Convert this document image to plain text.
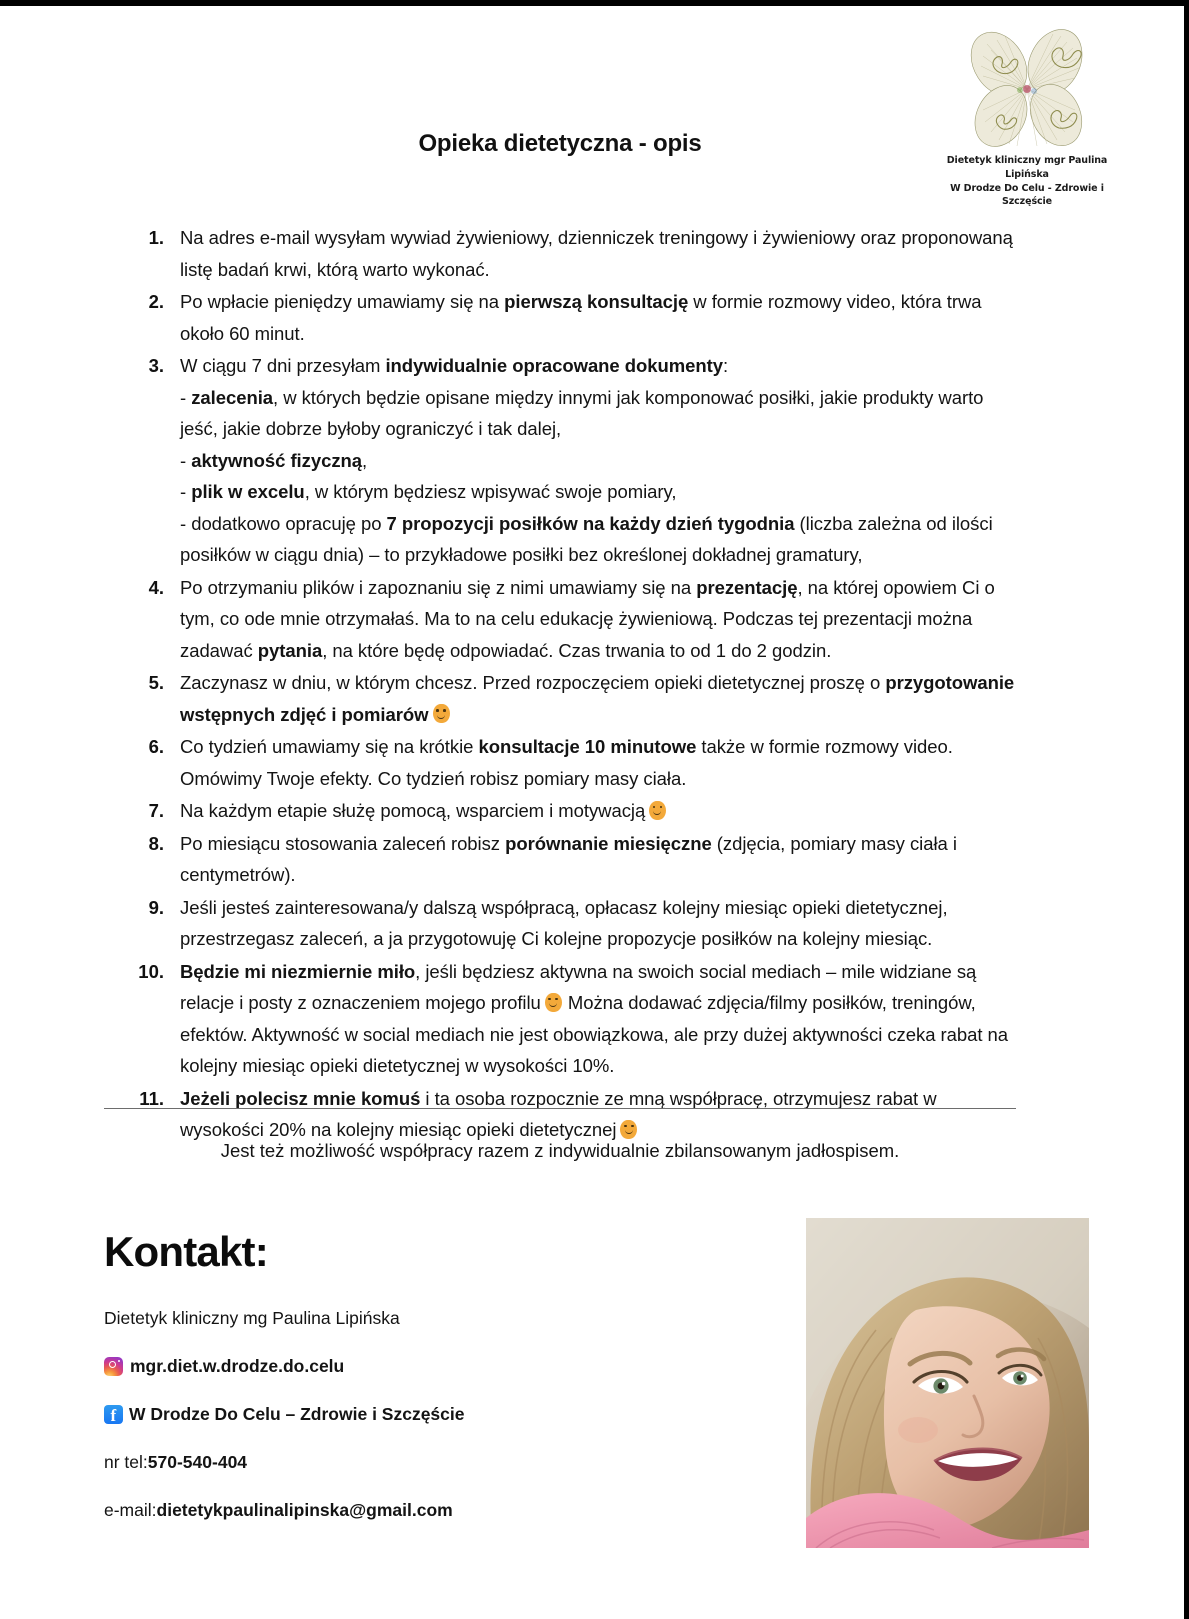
Dietetyk kliniczny mgr Paulina Lipińska
W Drodze Do Celu - Zdrowie i Szczęście
Opieka dietetyczna - opis
1. Na adres e-mail wysyłam wywiad żywieniowy, dzienniczek treningowy i żywieniowy oraz proponowaną listę badań krwi, którą warto wykonać.
2. Po wpłacie pieniędzy umawiamy się na pierwszą konsultację w formie rozmowy video, która trwa około 60 minut.
3. W ciągu 7 dni przesyłam indywidualnie opracowane dokumenty:
- zalecenia, w których będzie opisane między innymi jak komponować posiłki, jakie produkty warto jeść, jakie dobrze byłoby ograniczyć i tak dalej,
- aktywność fizyczną,
- plik w excelu, w którym będziesz wpisywać swoje pomiary,
- dodatkowo opracuję po 7 propozycji posiłków na każdy dzień tygodnia (liczba zależna od ilości posiłków w ciągu dnia) – to przykładowe posiłki bez określonej dokładnej gramatury,
4. Po otrzymaniu plików i zapoznaniu się z nimi umawiamy się na prezentację, na której opowiem Ci o tym, co ode mnie otrzymałaś. Ma to na celu edukację żywieniową. Podczas tej prezentacji można zadawać pytania, na które będę odpowiadać. Czas trwania to od 1 do 2 godzin.
5. Zaczynasz w dniu, w którym chcesz. Przed rozpoczęciem opieki dietetycznej proszę o przygotowanie wstępnych zdjęć i pomiarów
6. Co tydzień umawiamy się na krótkie konsultacje 10 minutowe także w formie rozmowy video. Omówimy Twoje efekty. Co tydzień robisz pomiary masy ciała.
7. Na każdym etapie służę pomocą, wsparciem i motywacją
8. Po miesiącu stosowania zaleceń robisz porównanie miesięczne (zdjęcia, pomiary masy ciała i centymetrów).
9. Jeśli jesteś zainteresowana/y dalszą współpracą, opłacasz kolejny miesiąc opieki dietetycznej, przestrzegasz zaleceń, a ja przygotowuję Ci kolejne propozycje posiłków na kolejny miesiąc.
10. Będzie mi niezmiernie miło, jeśli będziesz aktywna na swoich social mediach – mile widziane są relacje i posty z oznaczeniem mojego profilu Można dodawać zdjęcia/filmy posiłków, treningów, efektów. Aktywność w social mediach nie jest obowiązkowa, ale przy dużej aktywności czeka rabat na kolejny miesiąc opieki dietetycznej w wysokości 10%.
11. Jeżeli polecisz mnie komuś i ta osoba rozpocznie ze mną współpracę, otrzymujesz rabat w wysokości 20% na kolejny miesiąc opieki dietetycznej
Jest też możliwość współpracy razem z indywidualnie zbilansowanym jadłospisem.
Kontakt:
Dietetyk kliniczny mg Paulina Lipińska
mgr.diet.w.drodze.do.celu
f W Drodze Do Celu – Zdrowie i Szczęście
nr tel: 570-540-404
e-mail: dietetykpaulinalipinska@gmail.com
